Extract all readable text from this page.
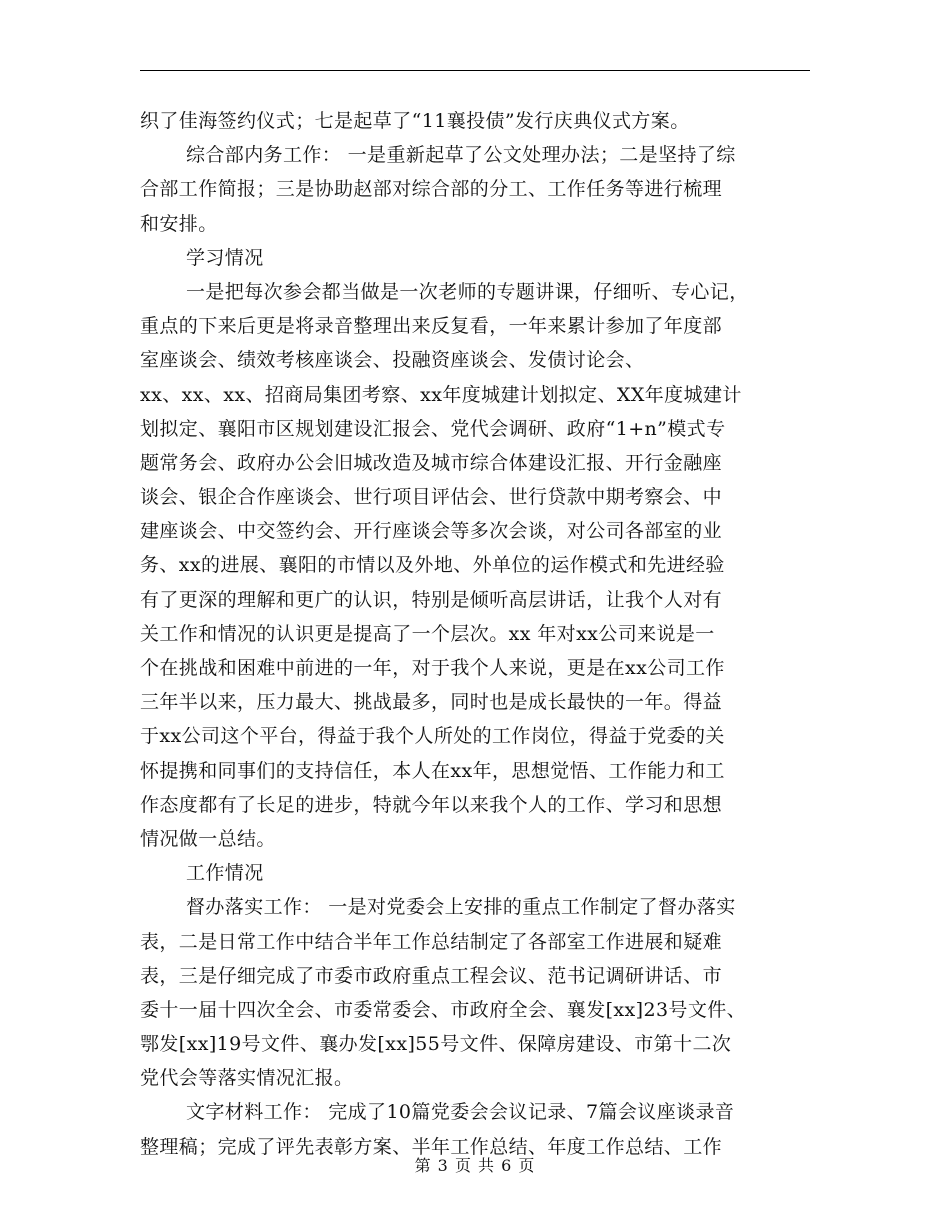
织了佳海签约仪式；七是起草了“11襄投债”发行庆典仪式方案。
综合部内务工作： 一是重新起草了公文处理办法；二是坚持了综
合部工作简报；三是协助赵部对综合部的分工、工作任务等进行梳理
和安排。
学习情况
一是把每次参会都当做是一次老师的专题讲课，仔细听、专心记，
重点的下来后更是将录音整理出来反复看，一年来累计参加了年度部
室座谈会、绩效考核座谈会、投融资座谈会、发债讨论会、
xx、xx、xx、招商局集团考察、xx年度城建计划拟定、XX年度城建计
划拟定、襄阳市区规划建设汇报会、党代会调研、政府“1+n”模式专
题常务会、政府办公会旧城改造及城市综合体建设汇报、开行金融座
谈会、银企合作座谈会、世行项目评估会、世行贷款中期考察会、中
建座谈会、中交签约会、开行座谈会等多次会谈，对公司各部室的业
务、xx的进展、襄阳的市情以及外地、外单位的运作模式和先进经验
有了更深的理解和更广的认识，特别是倾听高层讲话，让我个人对有
关工作和情况的认识更是提高了一个层次。xx 年对xx公司来说是一
个在挑战和困难中前进的一年，对于我个人来说，更是在xx公司工作
三年半以来，压力最大、挑战最多，同时也是成长最快的一年。得益
于xx公司这个平台，得益于我个人所处的工作岗位，得益于党委的关
怀提携和同事们的支持信任，本人在xx年，思想觉悟、工作能力和工
作态度都有了长足的进步，特就今年以来我个人的工作、学习和思想
情况做一总结。
工作情况
督办落实工作： 一是对党委会上安排的重点工作制定了督办落实
表，二是日常工作中结合半年工作总结制定了各部室工作进展和疑难
表，三是仔细完成了市委市政府重点工程会议、范书记调研讲话、市
委十一届十四次全会、市委常委会、市政府全会、襄发[xx]23号文件、
鄂发[xx]19号文件、襄办发[xx]55号文件、保障房建设、市第十二次
党代会等落实情况汇报。
文字材料工作： 完成了10篇党委会会议记录、7篇会议座谈录音
整理稿；完成了评先表彰方案、半年工作总结、年度工作总结、工作
第 3 页 共 6 页
